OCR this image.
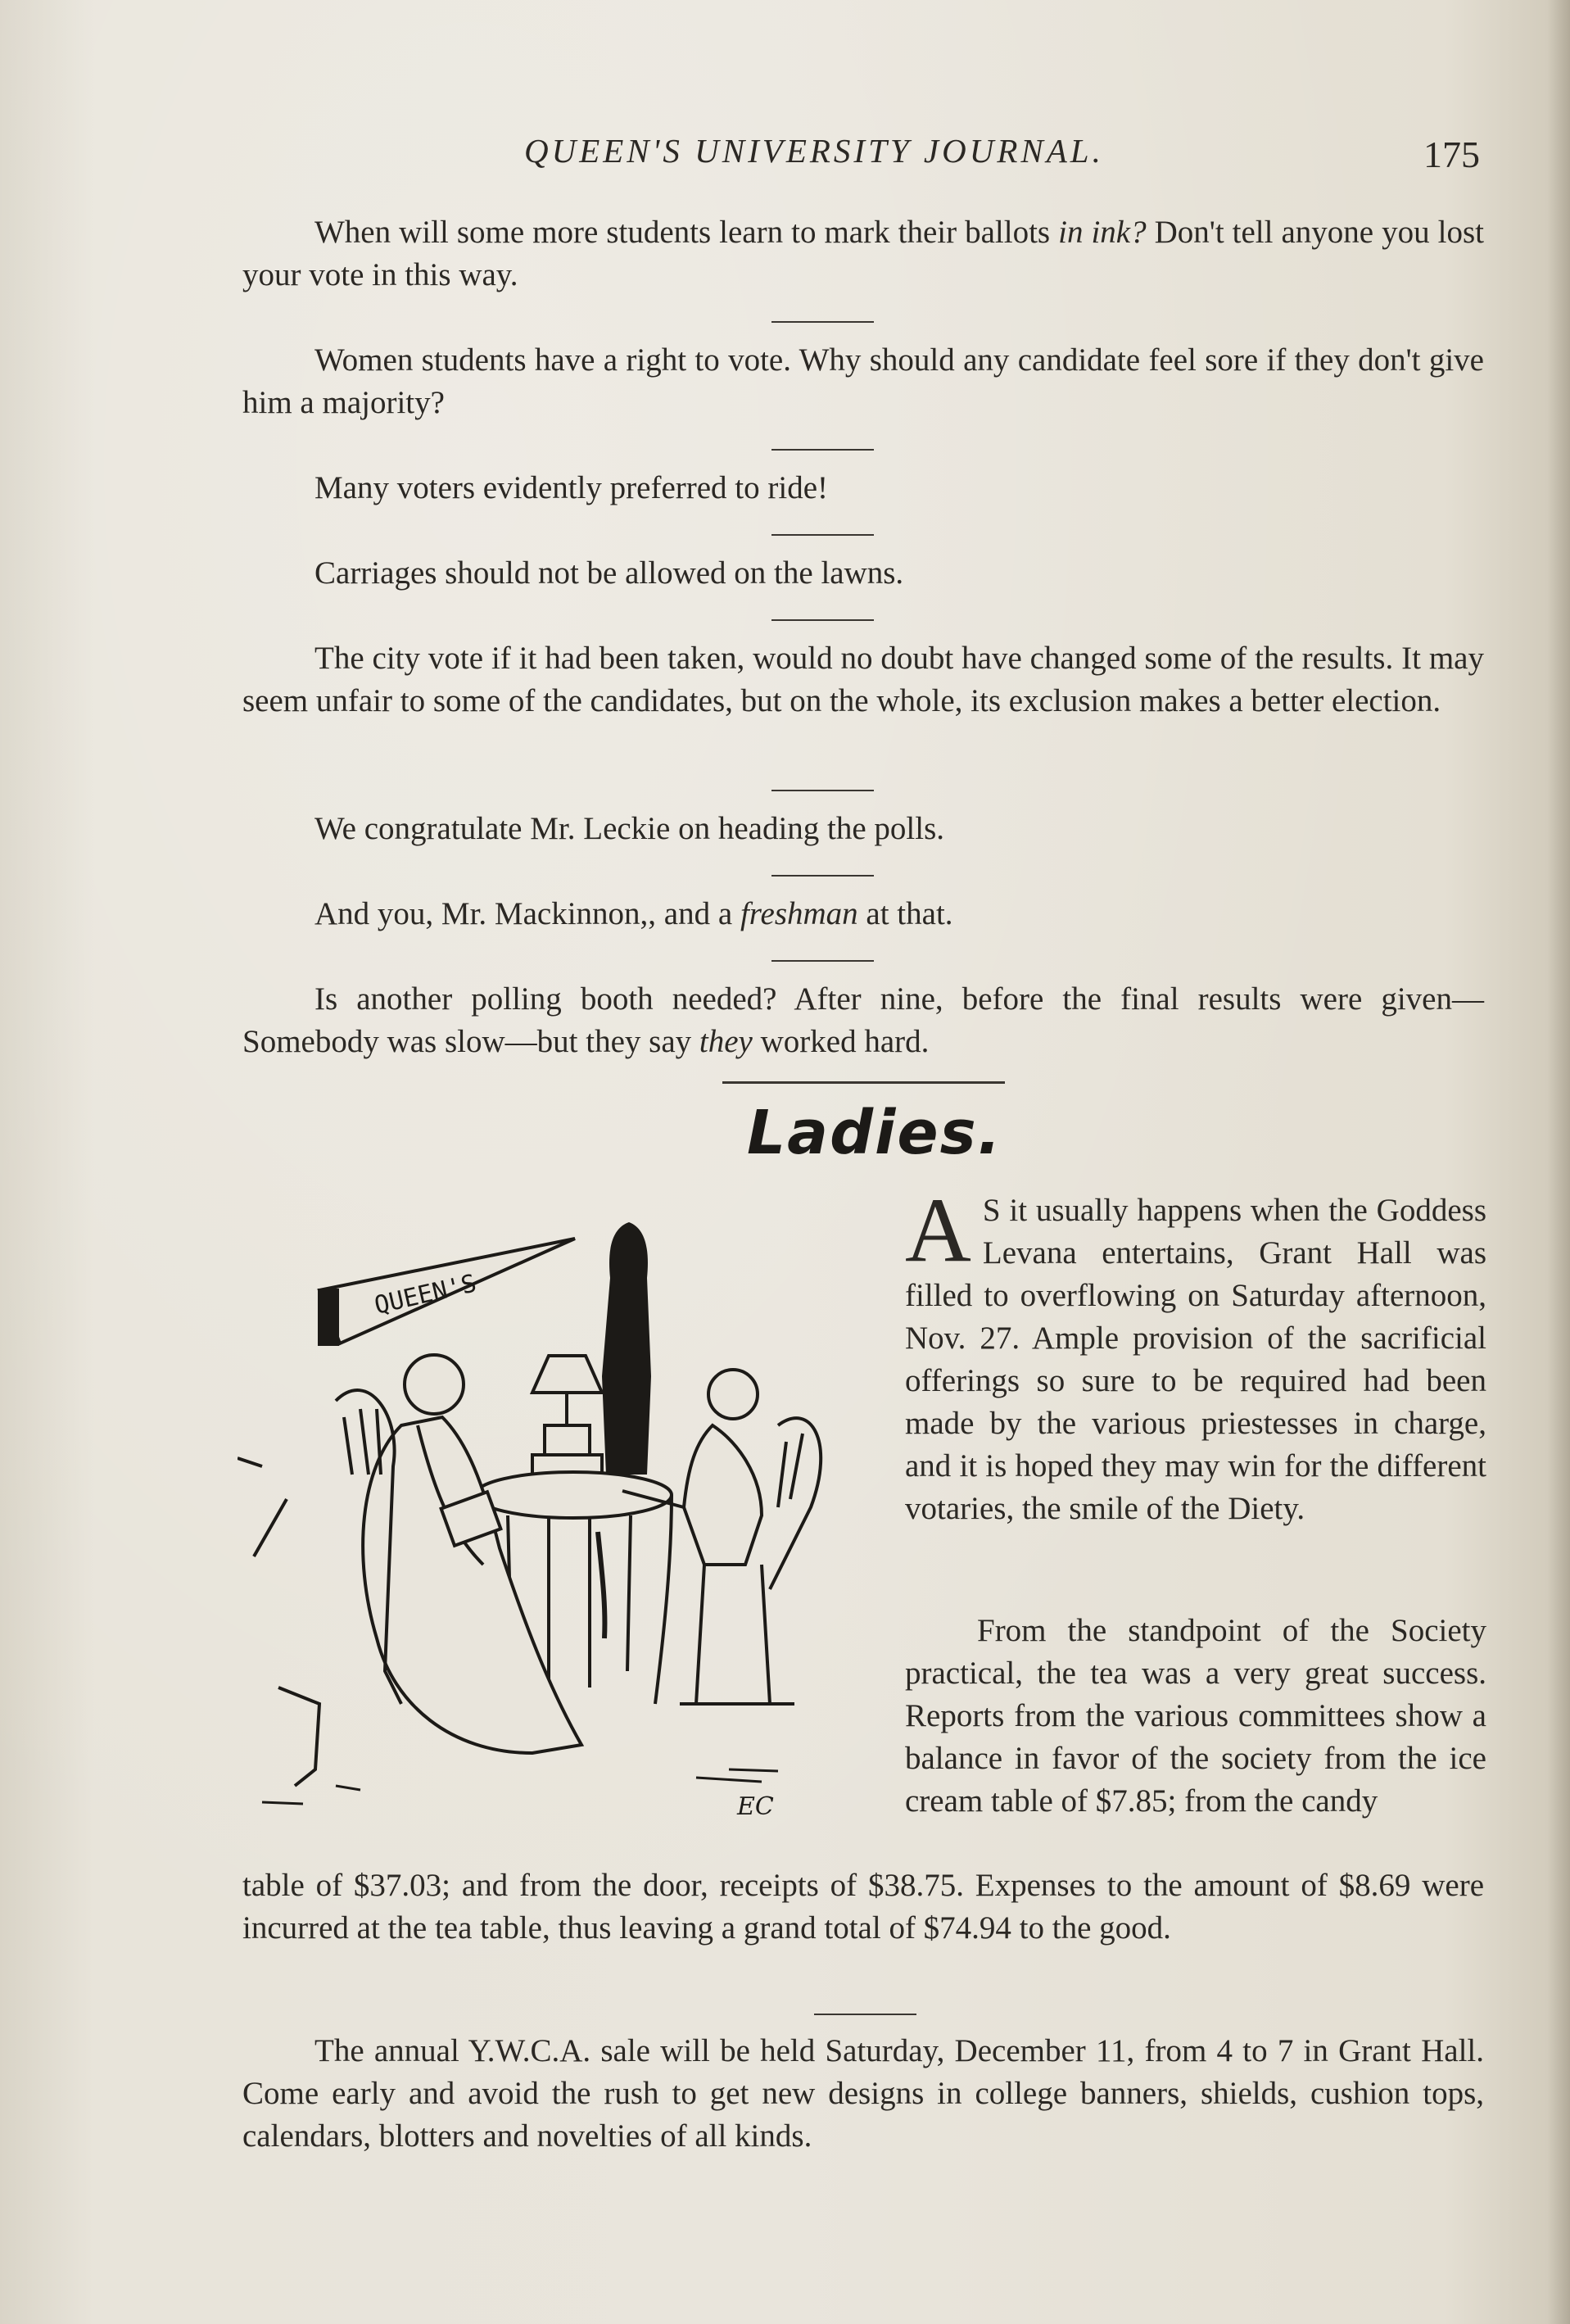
QUEEN'S UNIVERSITY JOURNAL.	175
When will some more students learn to mark their ballots in ink? Don't tell anyone you lost your vote in this way.
Women students have a right to vote. Why should any candidate feel sore if they don't give him a majority?
Many voters evidently preferred to ride!
Carriages should not be allowed on the lawns.
The city vote if it had been taken, would no doubt have changed some of the results. It may seem unfair to some of the candidates, but on the whole, its exclusion makes a better election.
We congratulate Mr. Leckie on heading the polls.
And you, Mr. Mackinnon,, and a freshman at that.
Is another polling booth needed? After nine, before the final results were given—Somebody was slow—but they say they worked hard.
Ladies.
QUEEN'S
EC
A S it usually happens when the Goddess Levana entertains, Grant Hall was filled to overflowing on Saturday afternoon, Nov. 27. Ample provision of the sacrificial offerings so sure to be required had been made by the various priestesses in charge, and it is hoped they may win for the different votaries, the smile of the Diety.
From the standpoint of the Society practical, the tea was a very great success. Reports from the various committees show a balance in favor of the society from the ice cream table of $7.85; from the candy
table of $37.03; and from the door, receipts of $38.75. Expenses to the amount of $8.69 were incurred at the tea table, thus leaving a grand total of $74.94 to the good.
The annual Y.W.C.A. sale will be held Saturday, December 11, from 4 to 7 in Grant Hall. Come early and avoid the rush to get new designs in college banners, shields, cushion tops, calendars, blotters and novelties of all kinds.
